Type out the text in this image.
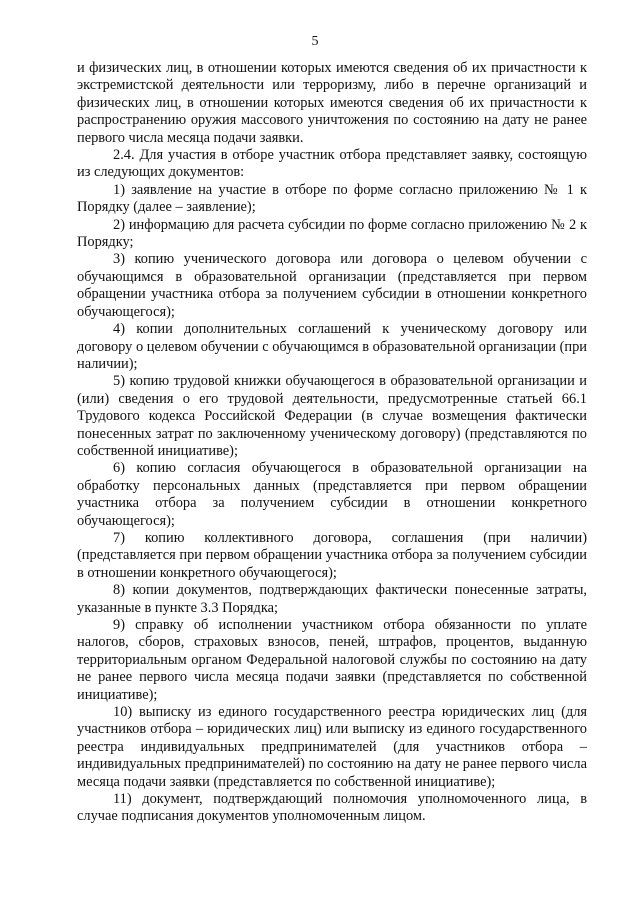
5

и физических лиц, в отношении которых имеются сведения об их причастности к экстремистской деятельности или терроризму, либо в перечне организаций и физических лиц, в отношении которых имеются сведения об их причастности к распространению оружия массового уничтожения по состоянию на дату не ранее первого числа месяца подачи заявки.

2.4. Для участия в отборе участник отбора представляет заявку, состоящую из следующих документов:

1) заявление на участие в отборе по форме согласно приложению № 1 к Порядку (далее – заявление);

2) информацию для расчета субсидии по форме согласно приложению № 2 к Порядку;

3) копию ученического договора или договора о целевом обучении с обучающимся в образовательной организации (представляется при первом обращении участника отбора за получением субсидии в отношении конкретного обучающегося);

4) копии дополнительных соглашений к ученическому договору или договору о целевом обучении с обучающимся в образовательной организации (при наличии);

5) копию трудовой книжки обучающегося в образовательной организации и (или) сведения о его трудовой деятельности, предусмотренные статьей 66.1 Трудового кодекса Российской Федерации (в случае возмещения фактически понесенных затрат по заключенному ученическому договору) (представляются по собственной инициативе);

6) копию согласия обучающегося в образовательной организации на обработку персональных данных (представляется при первом обращении участника отбора за получением субсидии в отношении конкретного обучающегося);

7) копию коллективного договора, соглашения (при наличии) (представляется при первом обращении участника отбора за получением субсидии в отношении конкретного обучающегося);

8) копии документов, подтверждающих фактически понесенные затраты, указанные в пункте 3.3 Порядка;

9) справку об исполнении участником отбора обязанности по уплате налогов, сборов, страховых взносов, пеней, штрафов, процентов, выданную территориальным органом Федеральной налоговой службы по состоянию на дату не ранее первого числа месяца подачи заявки (представляется по собственной инициативе);

10) выписку из единого государственного реестра юридических лиц (для участников отбора – юридических лиц) или выписку из единого государственного реестра индивидуальных предпринимателей (для участников отбора – индивидуальных предпринимателей) по состоянию на дату не ранее первого числа месяца подачи заявки (представляется по собственной инициативе);

11) документ, подтверждающий полномочия уполномоченного лица, в случае подписания документов уполномоченным лицом.
